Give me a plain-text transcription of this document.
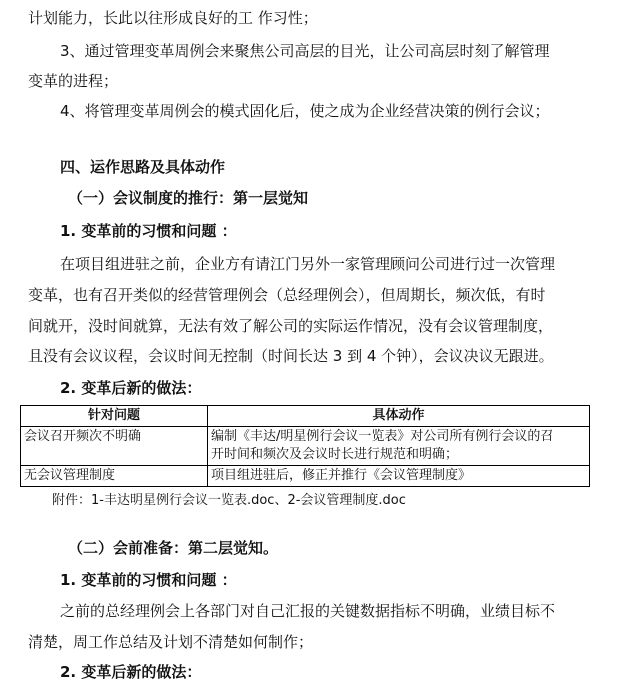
计划能力，长此以往形成良好的工 作习性；
3、通过管理变革周例会来聚焦公司高层的目光，让公司高层时刻了解管理
变革的进程；
4、将管理变革周例会的模式固化后，使之成为企业经营决策的例行会议；
四、运作思路及具体动作
（一）会议制度的推行：第一层觉知
1. 变革前的习惯和问题 ：
在项目组进驻之前，企业方有请江门另外一家管理顾问公司进行过一次管理
变革，也有召开类似的经营管理例会（总经理例会），但周期长，频次低，有时
间就开，没时间就算，无法有效了解公司的实际运作情况，没有会议管理制度，
且没有会议议程，会议时间无控制（时间长达 3 到 4 个钟），会议决议无跟进。
2. 变革后新的做法：
针对问题	具体动作
会议召开频次不明确	编制《丰达/明星例行会议一览表》对公司所有例行会议的召
开时间和频次及会议时长进行规范和明确；

无会议管理制度	项目组进驻后，修正并推行《会议管理制度》
附件：1-丰达明星例行会议一览表.doc、2-会议管理制度.doc
（二）会前准备：第二层觉知。
1. 变革前的习惯和问题 ：
之前的总经理例会上各部门对自己汇报的关键数据指标不明确，业绩目标不
清楚，周工作总结及计划不清楚如何制作；
2. 变革后新的做法：
